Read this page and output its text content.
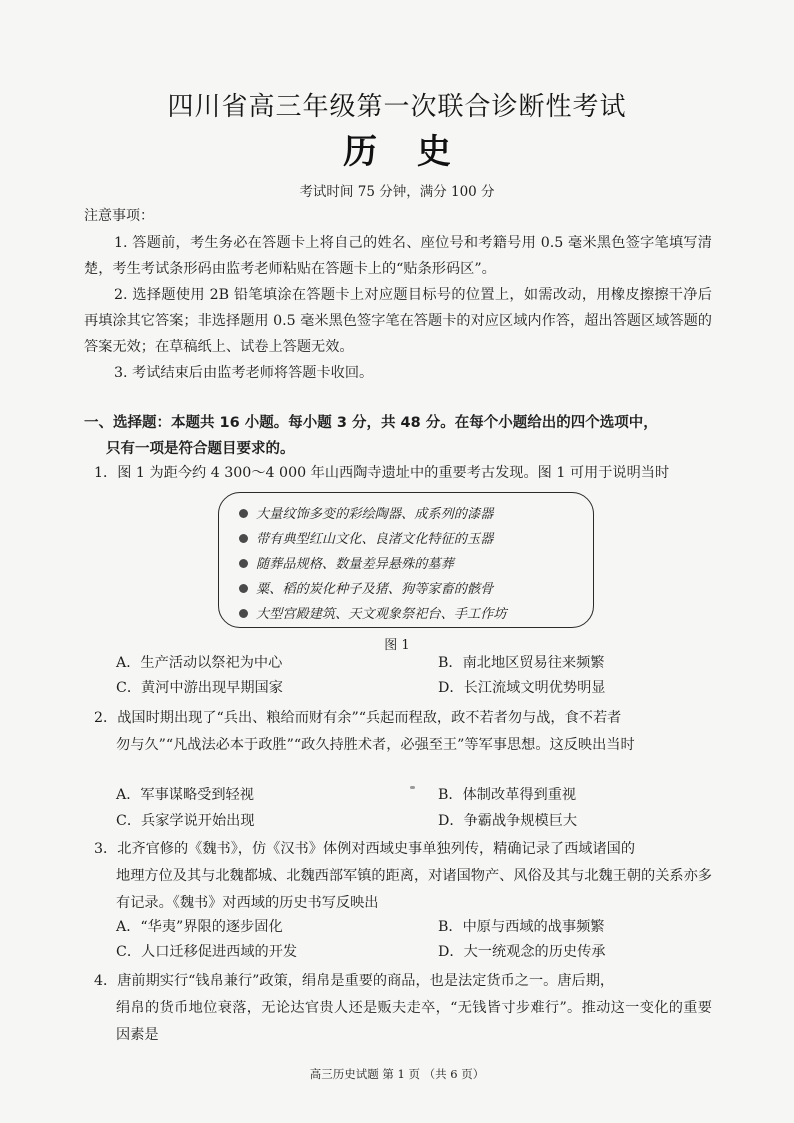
四川省高三年级第一次联合诊断性考试
历 史
考试时间 75 分钟，满分 100 分
注意事项：
1. 答题前，考生务必在答题卡上将自己的姓名、座位号和考籍号用 0.5 毫米黑色签字笔填写清楚，考生考试条形码由监考老师粘贴在答题卡上的“贴条形码区”。
2. 选择题使用 2B 铅笔填涂在答题卡上对应题目标号的位置上，如需改动，用橡皮擦擦干净后再填涂其它答案；非选择题用 0.5 毫米黑色签字笔在答题卡的对应区域内作答，超出答题区域答题的答案无效；在草稿纸上、试卷上答题无效。
3. 考试结束后由监考老师将答题卡收回。
一、选择题：本题共 16 小题。每小题 3 分，共 48 分。在每个小题给出的四个选项中，
只有一项是符合题目要求的。
1．图 1 为距今约 4 300～4 000 年山西陶寺遗址中的重要考古发现。图 1 可用于说明当时
大量纹饰多变的彩绘陶器、成系列的漆器
带有典型红山文化、良渚文化特征的玉器
随葬品规格、数量差异悬殊的墓葬
粟、稻的炭化种子及猪、狗等家畜的骸骨
大型宫殿建筑、天文观象祭祀台、手工作坊
图 1
A．生产活动以祭祀为中心	B．南北地区贸易往来频繁
C．黄河中游出现早期国家	D．长江流域文明优势明显
2．战国时期出现了“兵出、粮给而财有余”“兵起而程敌，政不若者勿与战，食不若者
勿与久”“凡战法必本于政胜”“政久持胜术者，必强至王”等军事思想。这反映出当时
A．军事谋略受到轻视	B．体制改革得到重视
C．兵家学说开始出现	D．争霸战争规模巨大
3．北齐官修的《魏书》，仿《汉书》体例对西域史事单独列传，精确记录了西域诸国的
地理方位及其与北魏都城、北魏西部军镇的距离，对诸国物产、风俗及其与北魏王朝的关系亦多有记录。《魏书》对西域的历史书写反映出
A．“华夷”界限的逐步固化	B．中原与西域的战事频繁
C．人口迁移促进西域的开发	D．大一统观念的历史传承
4．唐前期实行“钱帛兼行”政策，绢帛是重要的商品，也是法定货币之一。唐后期，
绢帛的货币地位衰落，无论达官贵人还是贩夫走卒，“无钱皆寸步难行”。推动这一变化的重要因素是
高三历史试题 第 1 页 （共 6 页）
